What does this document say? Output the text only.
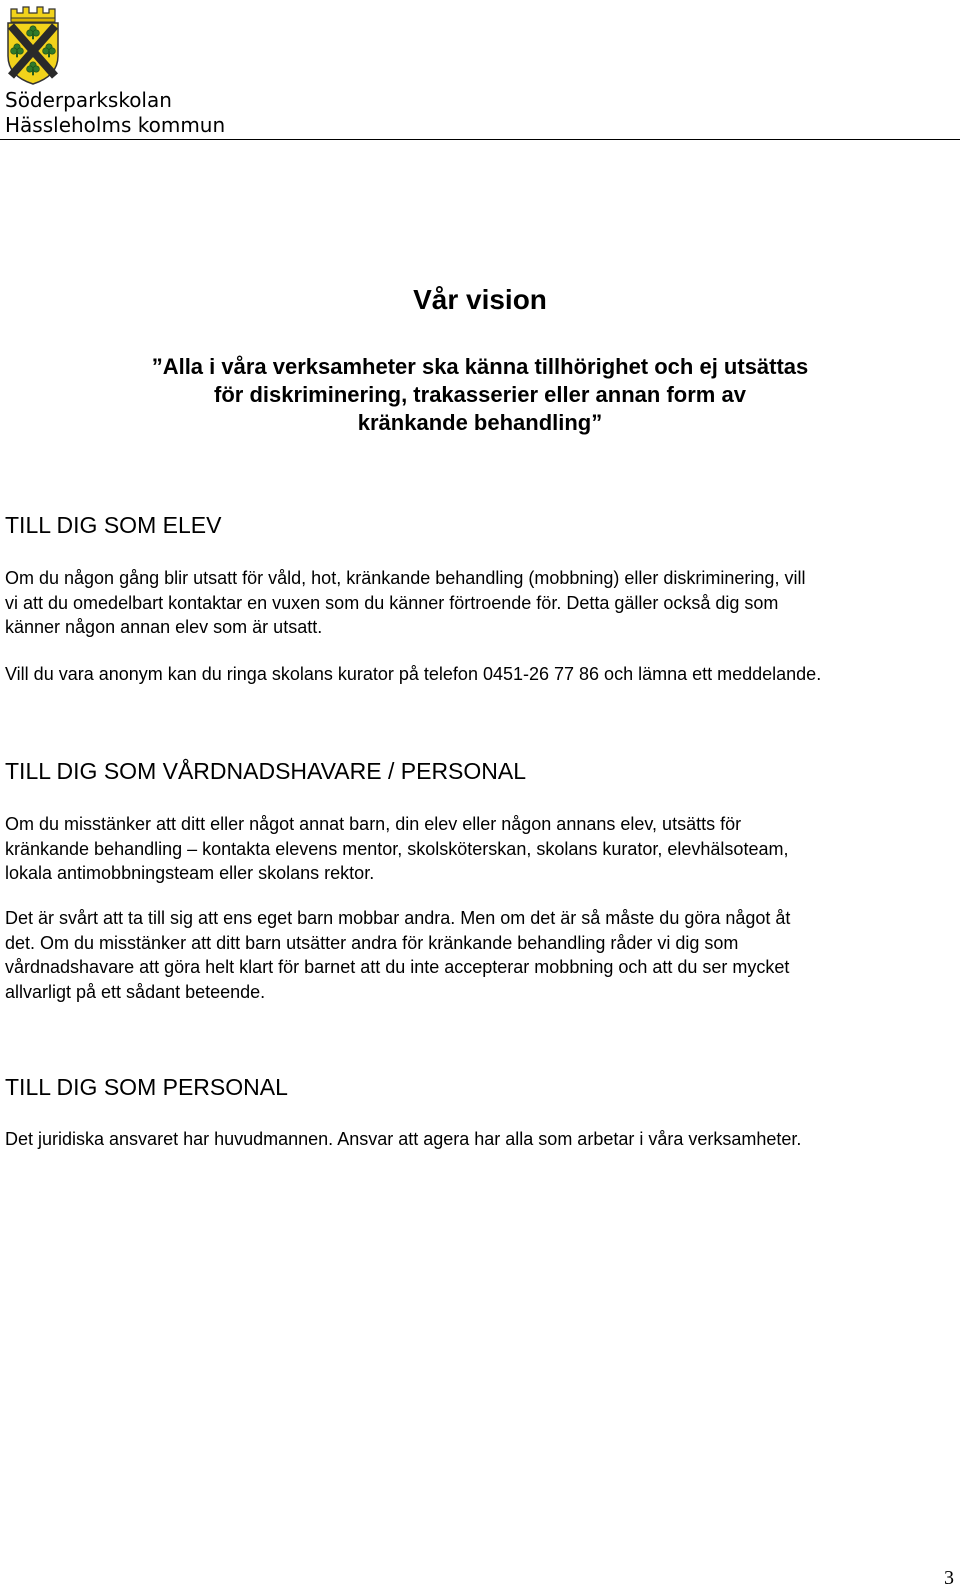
Söderparkskolan
Hässleholms kommun
Vår vision
”Alla i våra verksamheter ska känna tillhörighet och ej utsättas
för diskriminering, trakasserier eller annan form av
kränkande behandling”
TILL DIG SOM ELEV
Om du någon gång blir utsatt för våld, hot, kränkande behandling (mobbning) eller diskriminering, vill
vi att du omedelbart kontaktar en vuxen som du känner förtroende för. Detta gäller också dig som
känner någon annan elev som är utsatt.
Vill du vara anonym kan du ringa skolans kurator på telefon 0451-26 77 86 och lämna ett meddelande.
TILL DIG SOM VÅRDNADSHAVARE / PERSONAL
Om du misstänker att ditt eller något annat barn, din elev eller någon annans elev, utsätts för
kränkande behandling – kontakta elevens mentor, skolsköterskan, skolans kurator, elevhälsoteam,
lokala antimobbningsteam eller skolans rektor.
Det är svårt att ta till sig att ens eget barn mobbar andra. Men om det är så måste du göra något åt
det. Om du misstänker att ditt barn utsätter andra för kränkande behandling råder vi dig som
vårdnadshavare att göra helt klart för barnet att du inte accepterar mobbning och att du ser mycket
allvarligt på ett sådant beteende.
TILL DIG SOM PERSONAL
Det juridiska ansvaret har huvudmannen. Ansvar att agera har alla som arbetar i våra verksamheter.
3
